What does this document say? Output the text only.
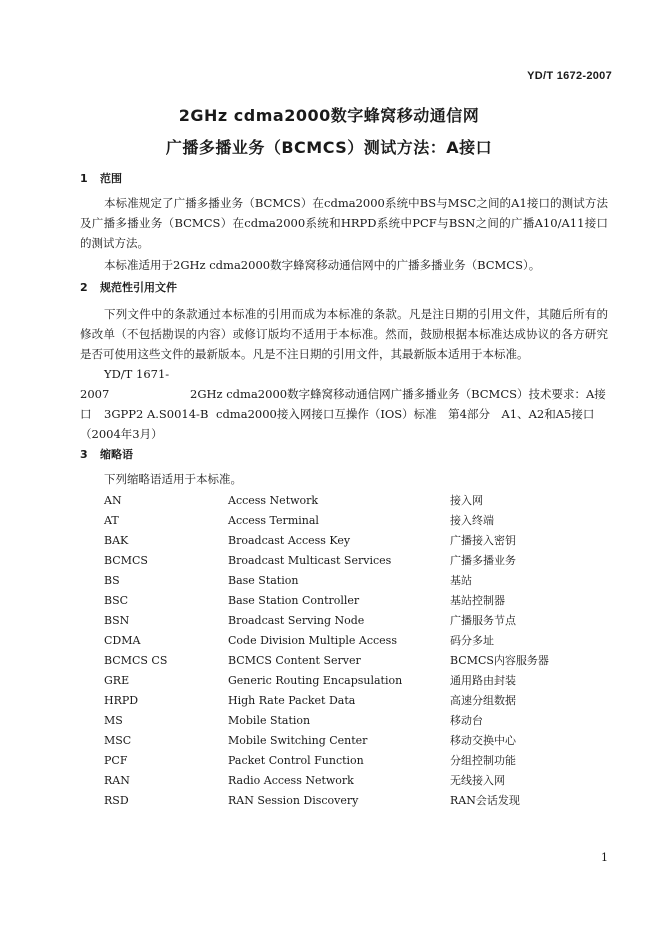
YD/T 1672-2007
2GHz cdma2000数字蜂窝移动通信网
广播多播业务（BCMCS）测试方法：A接口
1 范围
本标准规定了广播多播业务（BCMCS）在cdma2000系统中BS与MSC之间的A1接口的测试方法及广播多播业务（BCMCS）在cdma2000系统和HRPD系统中PCF与BSN之间的广播A10/A11接口的测试方法。
本标准适用于2GHz cdma2000数字蜂窝移动通信网中的广播多播业务（BCMCS）。
2 规范性引用文件
下列文件中的条款通过本标准的引用而成为本标准的条款。凡是注日期的引用文件，其随后所有的修改单（不包括勘误的内容）或修订版均不适用于本标准。然而，鼓励根据本标准达成协议的各方研究是否可使用这些文件的最新版本。凡是不注日期的引用文件，其最新版本适用于本标准。
YD/T 1671-2007	2GHz cdma2000数字蜂窝移动通信网广播多播业务（BCMCS）技术要求：A接口	3GPP2 A.S0014-B cdma2000接入网接口互操作（IOS）标准　第4部分　A1、A2和A5接口（2004年3月）
3 缩略语
下列缩略语适用于本标准。
AN	Access Network	接入网
AT	Access Terminal	接入终端
BAK	Broadcast Access Key	广播接入密钥
BCMCS	Broadcast Multicast Services	广播多播业务
BS	Base Station	基站
BSC	Base Station Controller	基站控制器
BSN	Broadcast Serving Node	广播服务节点
CDMA	Code Division Multiple Access	码分多址
BCMCS CS	BCMCS Content Server	BCMCS内容服务器
GRE	Generic Routing Encapsulation	通用路由封装
HRPD	High Rate Packet Data	高速分组数据
MS	Mobile Station	移动台
MSC	Mobile Switching Center	移动交换中心
PCF	Packet Control Function	分组控制功能
RAN	Radio Access Network	无线接入网
RSD	RAN Session Discovery	RAN会话发现
1
